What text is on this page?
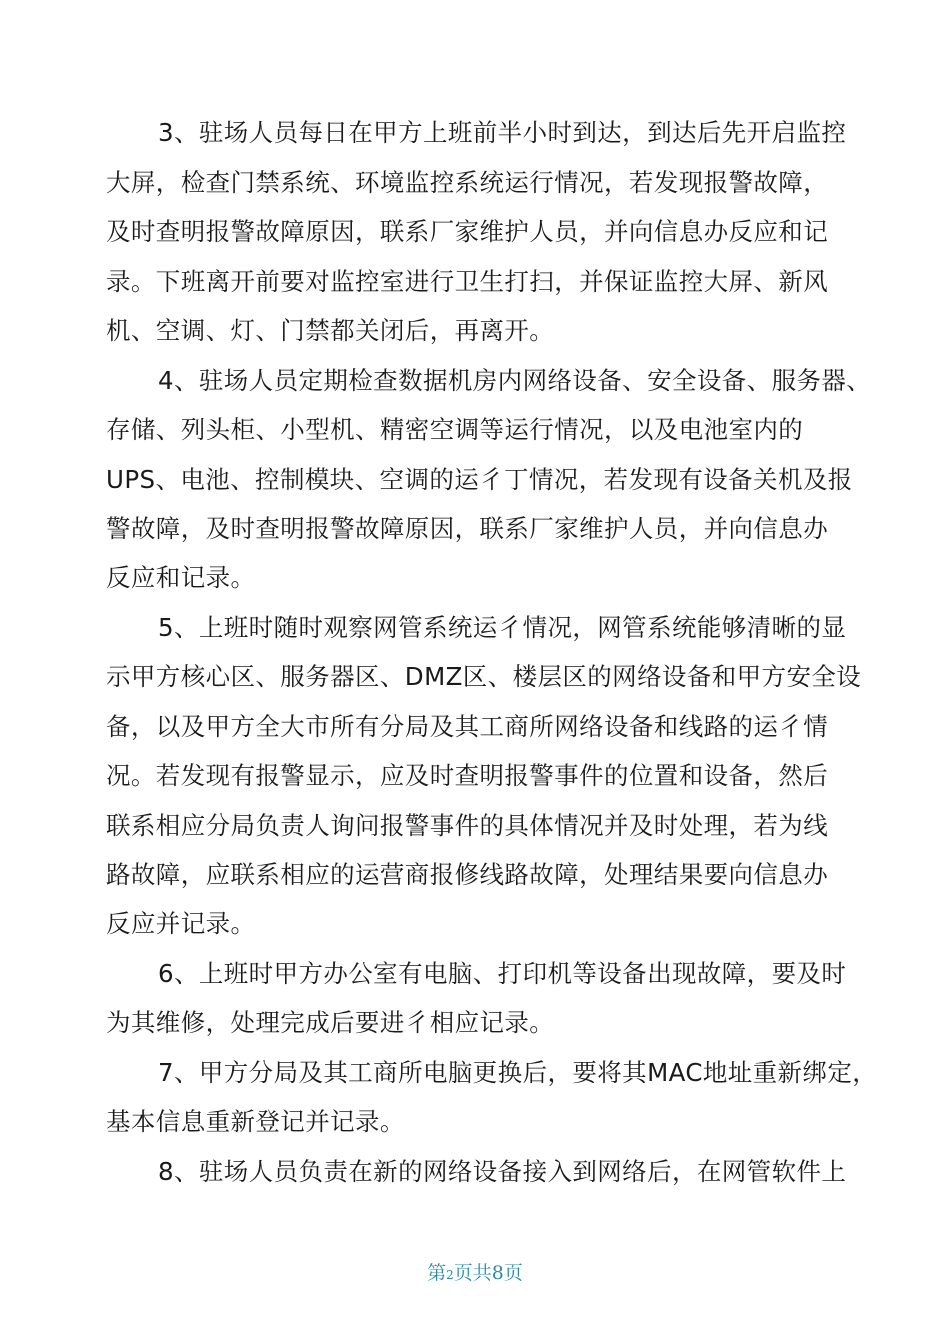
3、驻场人员每日在甲方上班前半小时到达，到达后先开启监控
大屏，检查门禁系统、环境监控系统运行情况，若发现报警故障，
及时查明报警故障原因，联系厂家维护人员，并向信息办反应和记
录。下班离开前要对监控室进行卫生打扫，并保证监控大屏、新风
机、空调、灯、门禁都关闭后，再离开。
4、驻场人员定期检查数据机房内网络设备、安全设备、服务器、
存储、列头柜、小型机、精密空调等运行情况，以及电池室内的
UPS、电池、控制模块、空调的运彳丁情况，若发现有设备关机及报
警故障，及时查明报警故障原因，联系厂家维护人员，并向信息办
反应和记录。
5、上班时随时观察网管系统运彳情况，网管系统能够清晰的显
示甲方核心区、服务器区、DMZ区、楼层区的网络设备和甲方安全设
备，以及甲方全大市所有分局及其工商所网络设备和线路的运彳情
况。若发现有报警显示，应及时查明报警事件的位置和设备，然后
联系相应分局负责人询问报警事件的具体情况并及时处理，若为线
路故障，应联系相应的运营商报修线路故障，处理结果要向信息办
反应并记录。
6、上班时甲方办公室有电脑、打印机等设备出现故障，要及时
为其维修，处理完成后要进彳相应记录。
7、甲方分局及其工商所电脑更换后，要将其MAC地址重新绑定，
基本信息重新登记并记录。
8、驻场人员负责在新的网络设备接入到网络后，在网管软件上
第2页共8页
